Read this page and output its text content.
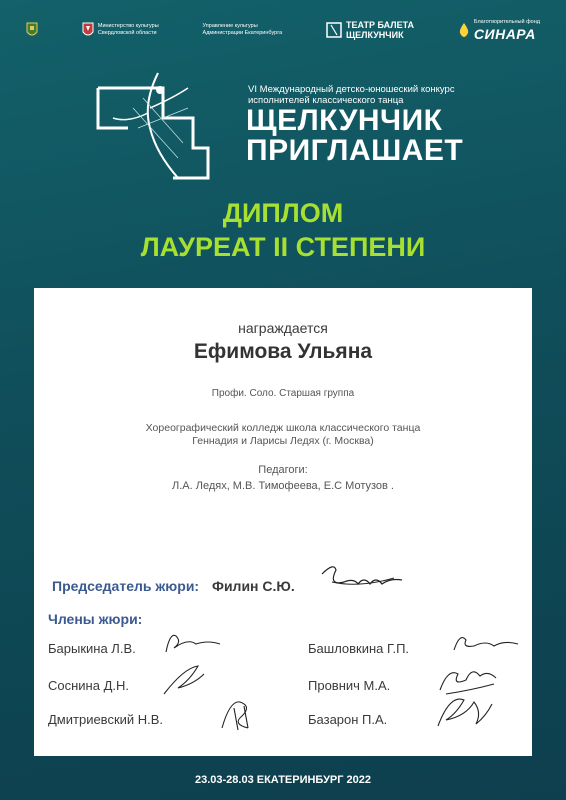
Министерство культуры
Свердловской области
Управление культуры
Администрации Екатеринбурга
ТЕАТР БАЛЕТА
ЩЕЛКУНЧИК
Благотворительный фонд
СИНАРА
VI Международный детско-юношеский конкурс
исполнителей классического танца
ЩЕЛКУНЧИК
ПРИГЛАШАЕТ
ДИПЛОМ
ЛАУРЕАТ II СТЕПЕНИ
награждается
Ефимова Ульяна
Профи. Соло. Старшая группа
Хореографический колледж школа классического танца
Геннадия и Ларисы Ледях (г. Москва)
Педагоги:
Л.А. Ледях, М.В. Тимофеева, Е.С Мотузов .
Председатель жюри: Филин С.Ю.
Члены жюри:
Барыкина Л.В.	Башловкина Г.П.
Соснина Д.Н.	Провнич М.А.
Дмитриевский Н.В.	Базарон П.А.
23.03-28.03 ЕКАТЕРИНБУРГ 2022
